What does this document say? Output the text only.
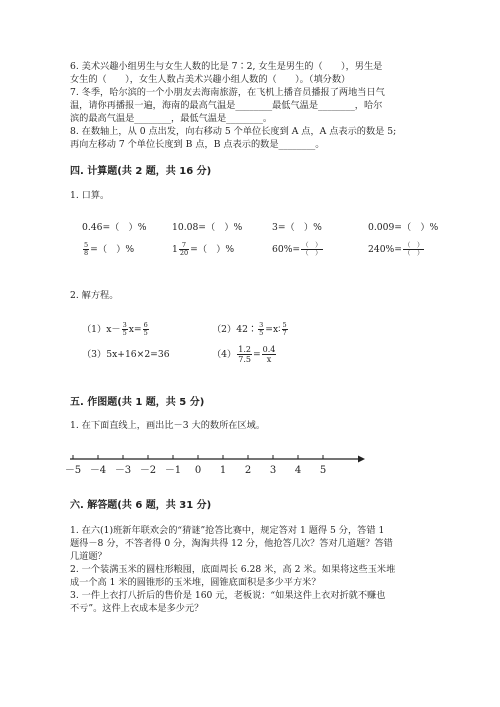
6. 美术兴趣小组男生与女生人数的比是 7∶2, 女生是男生的（　　），男生是
女生的（　　），女生人数占美术兴趣小组人数的（　　）。（填分数）
7. 冬季，哈尔滨的一个小朋友去海南旅游，在飞机上播音员播报了两地当日气
温，请你再播报一遍，海南的最高气温是________最低气温是________，哈尔
滨的最高气温是________，最低气温是________。
8. 在数轴上，从 0 点出发，向右移动 5 个单位长度到 A 点，A 点表示的数是 5;
再向左移动 7 个单位长度到 B 点，B 点表示的数是________。
四. 计算题(共 2 题，共 16 分)
1. 口算。
0.46=（　）%	10.08=（　）%	3=（　）%	0.009=（　）%
$\frac{5}{8}$ =（　）%	$1 \frac{7}{20}$ =（　）%	$60\%= \frac{( )}{( )}$	$240\%= \frac{( )}{( )}$
2. 解方程。
$(1)x- \frac{3}{5} x= \frac{6}{5}$	（2）42∶ $\frac{3}{5}$ =x∶ $\frac{5}{7}$
（3）5x+16×2=36	$(4) \frac{1.2}{7.5} = \frac{0.4}{x}$
五. 作图题(共 1 题，共 5 分)
1. 在下面直线上，画出比－3 大的数所在区域。
－5 －4 －3 －2 －1 0 1 2 3 4 5
六. 解答题(共 6 题，共 31 分)
1. 在六(1)班新年联欢会的“猜谜”抢答比赛中，规定答对 1 题得 5 分，答错 1
题得－8 分，不答者得 0 分，淘淘共得 12 分，他抢答几次？答对几道题？答错
几道题？
2. 一个装满玉米的圆柱形粮囤，底面周长 6.28 米，高 2 米。如果将这些玉米堆
成一个高 1 米的圆锥形的玉米堆，圆锥底面积是多少平方米？
3. 一件上衣打八折后的售价是 160 元，老板说：“如果这件上衣对折就不赚也
不亏”。这件上衣成本是多少元？
